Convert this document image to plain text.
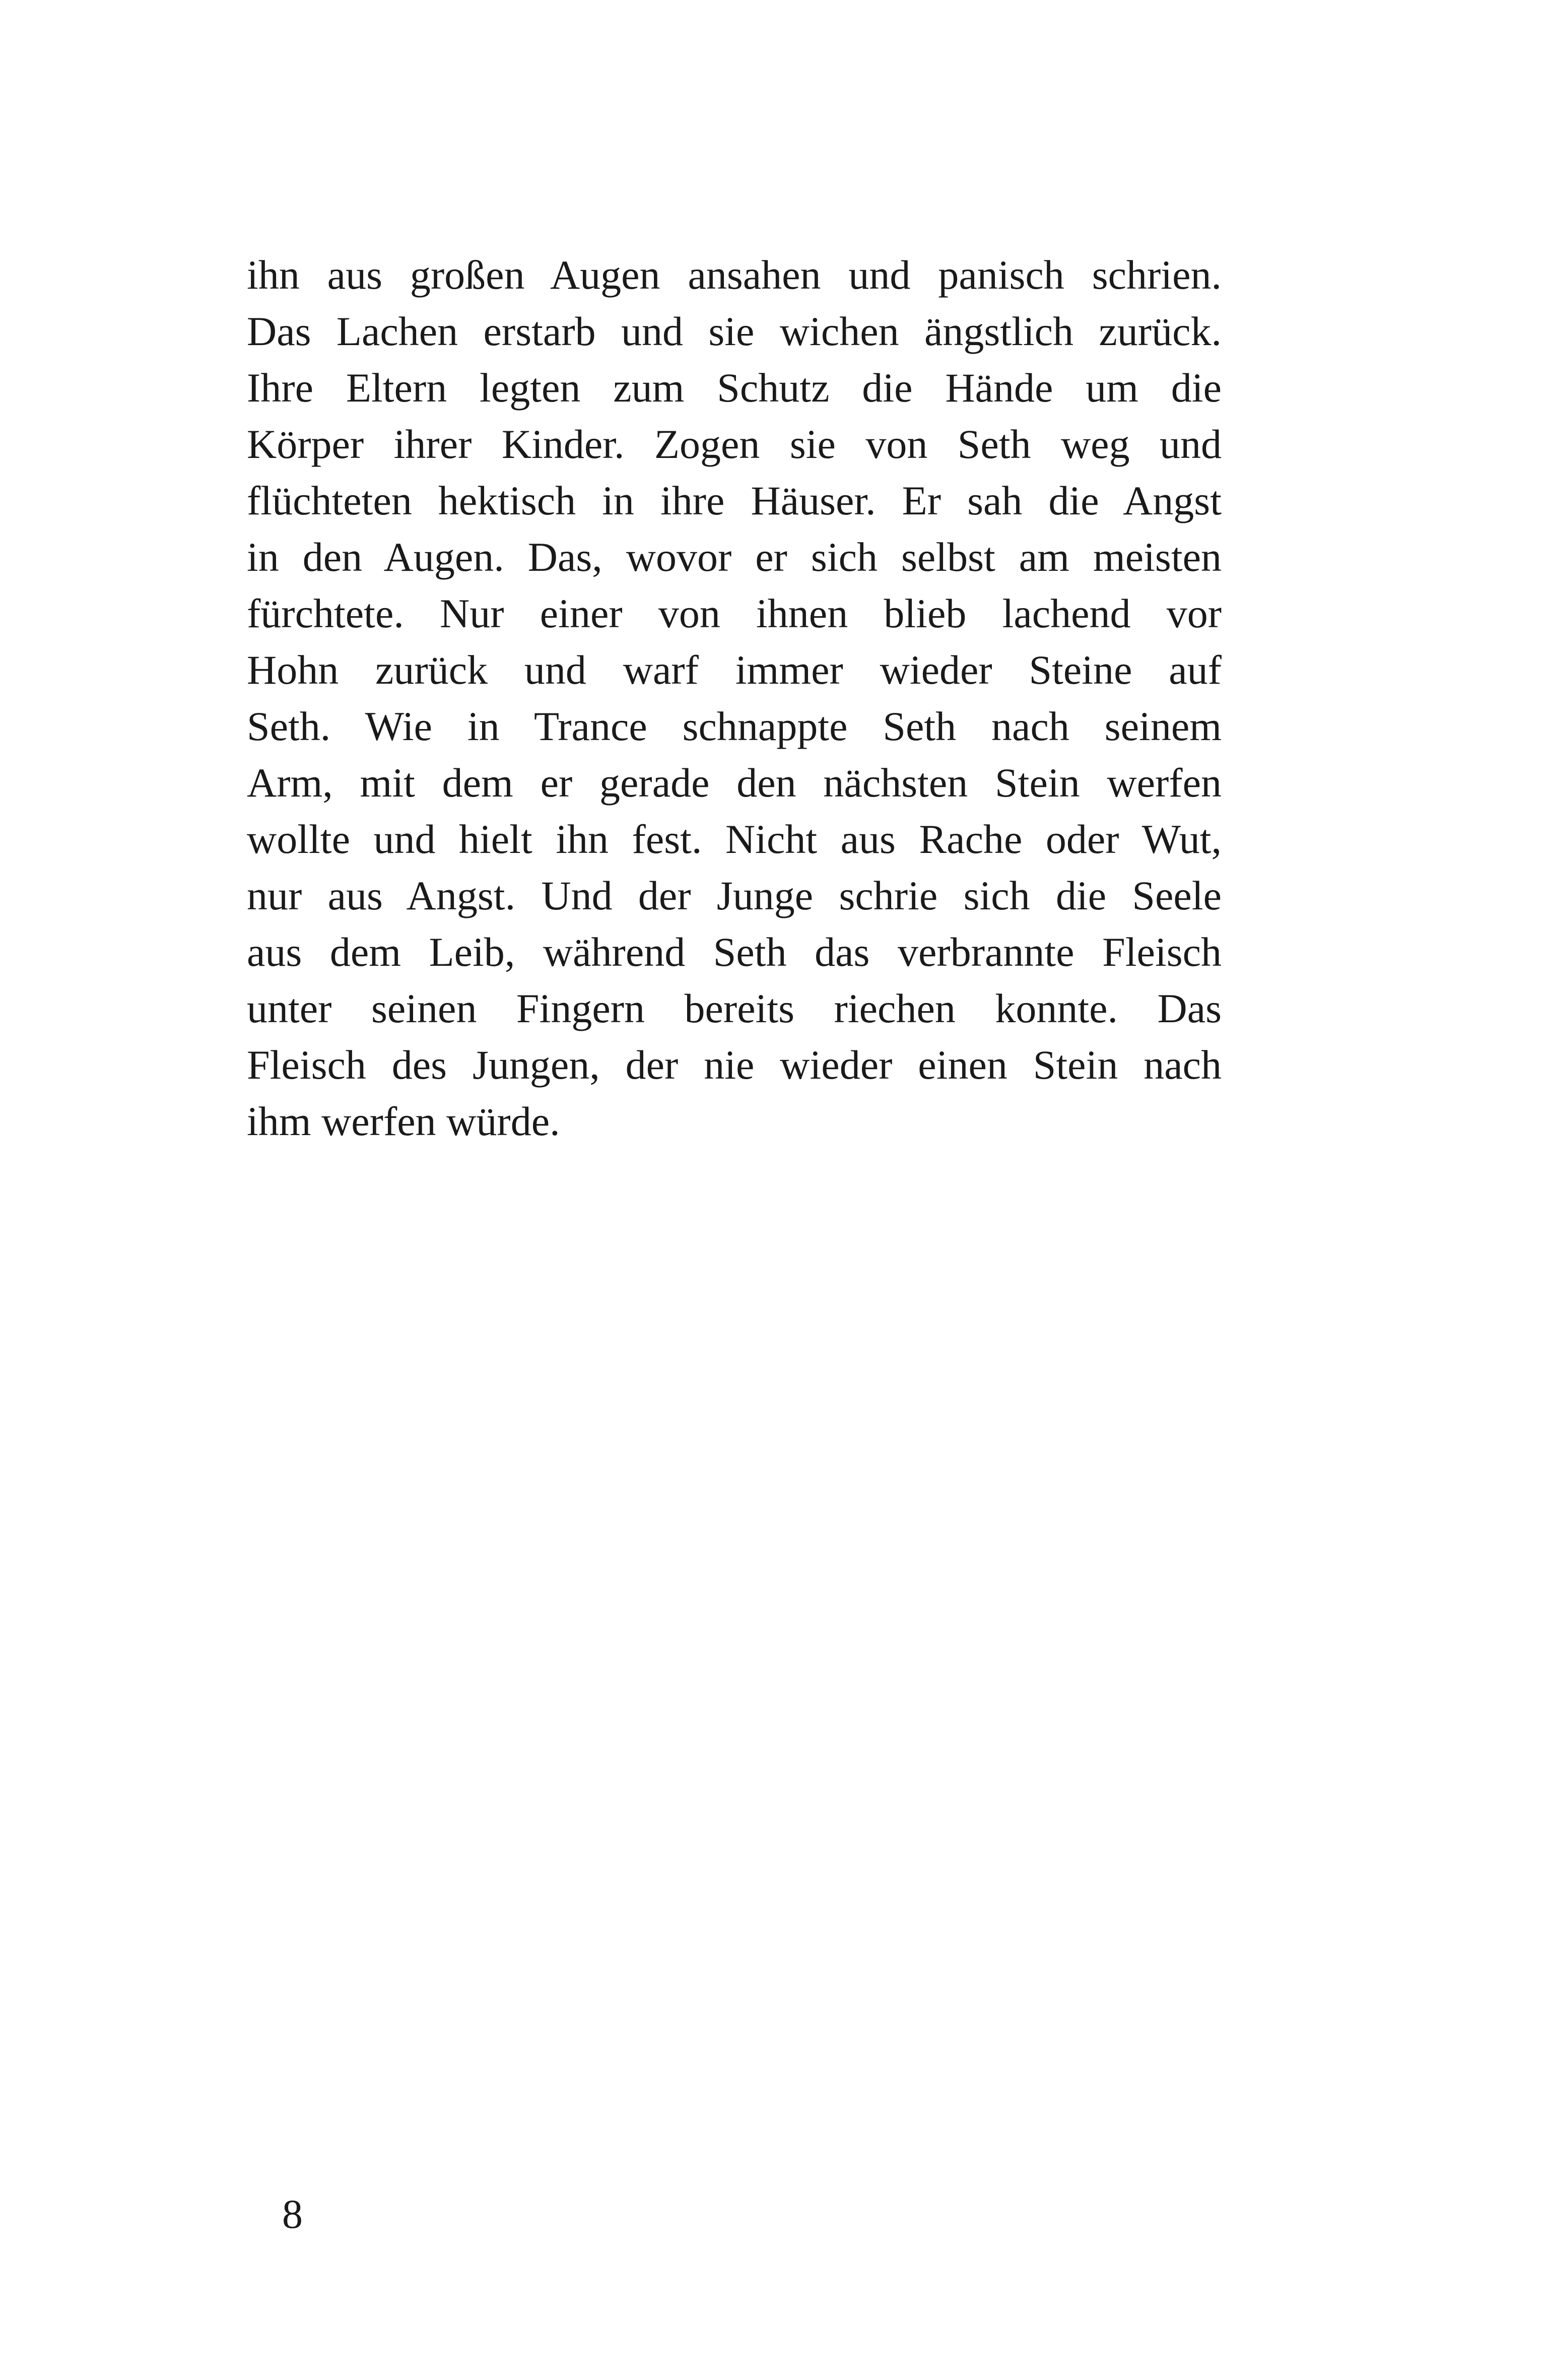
ihn aus großen Augen ansahen und panisch schrien.
Das Lachen erstarb und sie wichen ängstlich zurück.
Ihre Eltern legten zum Schutz die Hände um die
Körper ihrer Kinder. Zogen sie von Seth weg und
flüchteten hektisch in ihre Häuser. Er sah die Angst
in den Augen. Das, wovor er sich selbst am meisten
fürchtete. Nur einer von ihnen blieb lachend vor
Hohn zurück und warf immer wieder Steine auf
Seth. Wie in Trance schnappte Seth nach seinem
Arm, mit dem er gerade den nächsten Stein werfen
wollte und hielt ihn fest. Nicht aus Rache oder Wut,
nur aus Angst. Und der Junge schrie sich die Seele
aus dem Leib, während Seth das verbrannte Fleisch
unter seinen Fingern bereits riechen konnte. Das
Fleisch des Jungen, der nie wieder einen Stein nach
ihm werfen würde.
8
